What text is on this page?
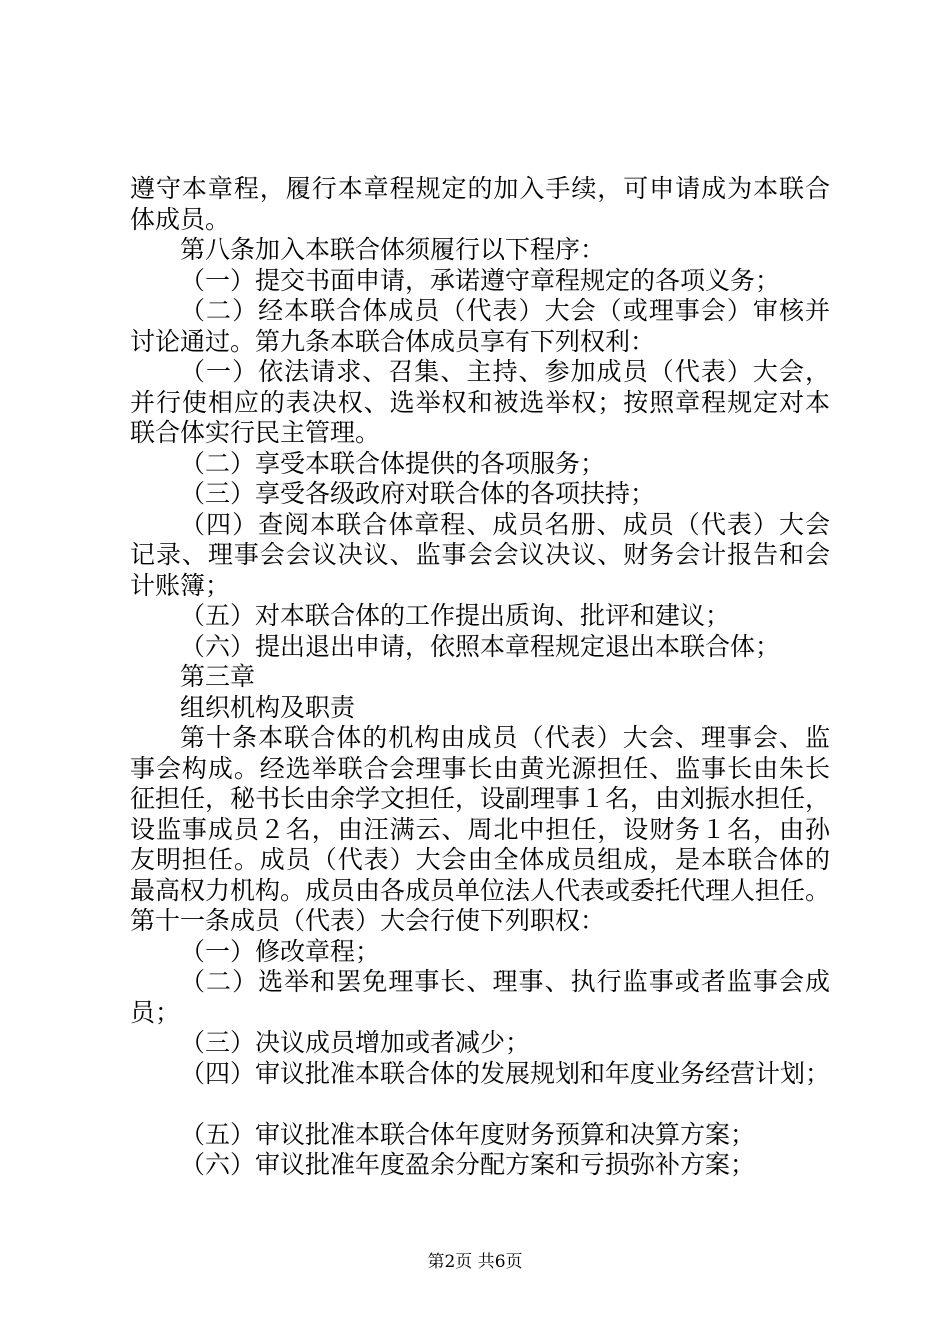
遵守本章程，履行本章程规定的加入手续，可申请成为本联合
体成员。
第八条加入本联合体须履行以下程序：
（一）提交书面申请，承诺遵守章程规定的各项义务；
（二）经本联合体成员（代表）大会（或理事会）审核并
讨论通过。第九条本联合体成员享有下列权利：
（一）依法请求、召集、主持、参加成员（代表）大会，
并行使相应的表决权、选举权和被选举权；按照章程规定对本
联合体实行民主管理。
（二）享受本联合体提供的各项服务；
（三）享受各级政府对联合体的各项扶持；
（四）查阅本联合体章程、成员名册、成员（代表）大会
记录、理事会会议决议、监事会会议决议、财务会计报告和会
计账簿；
（五）对本联合体的工作提出质询、批评和建议；
（六）提出退出申请，依照本章程规定退出本联合体；
第三章
组织机构及职责
第十条本联合体的机构由成员（代表）大会、理事会、监
事会构成。经选举联合会理事长由黄光源担任、监事长由朱长
征担任，秘书长由余学文担任，设副理事１名，由刘振水担任，
设监事成员２名，由汪满云、周北中担任，设财务１名，由孙
友明担任。成员（代表）大会由全体成员组成，是本联合体的
最高权力机构。成员由各成员单位法人代表或委托代理人担任。
第十一条成员（代表）大会行使下列职权：
（一）修改章程；
（二）选举和罢免理事长、理事、执行监事或者监事会成
员；
（三）决议成员增加或者减少；
（四）审议批准本联合体的发展规划和年度业务经营计划；
（五）审议批准本联合体年度财务预算和决算方案；
（六）审议批准年度盈余分配方案和亏损弥补方案；
第2页 共6页
